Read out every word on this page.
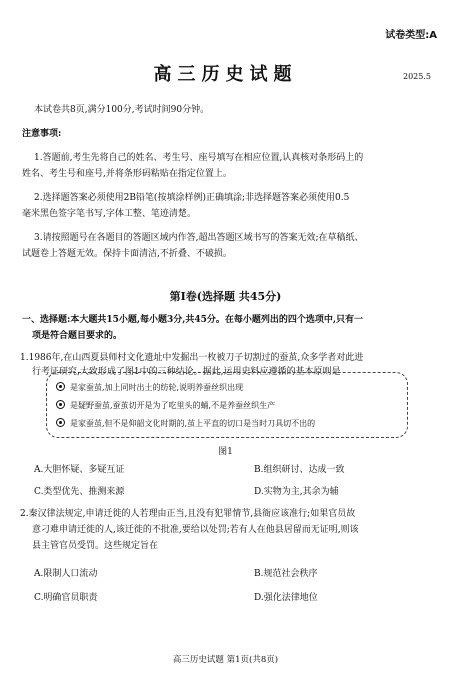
试卷类型:A
高三历史试题	2025.5
本试卷共8页,满分100分,考试时间90分钟。
注意事项:
1.答题前,考生先将自己的姓名、考生号、座号填写在相应位置,认真核对条形码上的
姓名、考生号和座号,并将条形码粘贴在指定位置上。
2.选择题答案必须使用2B铅笔(按填涂样例)正确填涂;非选择题答案必须使用0.5
毫米黑色签字笔书写,字体工整、笔迹清楚。
3.请按照题号在各题目的答题区域内作答,超出答题区域书写的答案无效;在草稿纸、
试题卷上答题无效。保持卡面清洁,不折叠、不破损。
第Ⅰ卷(选择题 共45分)
一、选择题:本大题共15小题,每小题3分,共45分。在每小题列出的四个选项中,只有一
项是符合题目要求的。
1.1986年,在山西夏县师村文化遗址中发掘出一枚被刀子切割过的蚕茧,众多学者对此进
行考证研究,大致形成了图1中的三种结论。据此,运用史料应遵循的基本原则是
是家蚕茧,加上同时出土的纺轮,说明养蚕丝织出现
是疑野蚕茧,蚕茧切开是为了吃里头的蛹,不是养蚕丝织生产
是家蚕茧,但不是仰韶文化时期的,茧上平直的切口是当时刀具切不出的
图1
A.大胆怀疑、多疑互证	B.组织研讨、达成一致
C.类型优先、推测来源	D.实物为主,其余为辅
2.秦汉律法规定,申请迁徙的人若理由正当,且没有犯罪情节,县衙应该准行;如果官员故
意刁难申请迁徙的人,该迁徙的不批准,要给以处罚;若有人在他县居留而无证明,则该
县主管官员受罚。这些规定旨在
A.限制人口流动	B.规范社会秩序
C.明确官员职责	D.强化法律地位
高三历史试题 第1页(共8页)
